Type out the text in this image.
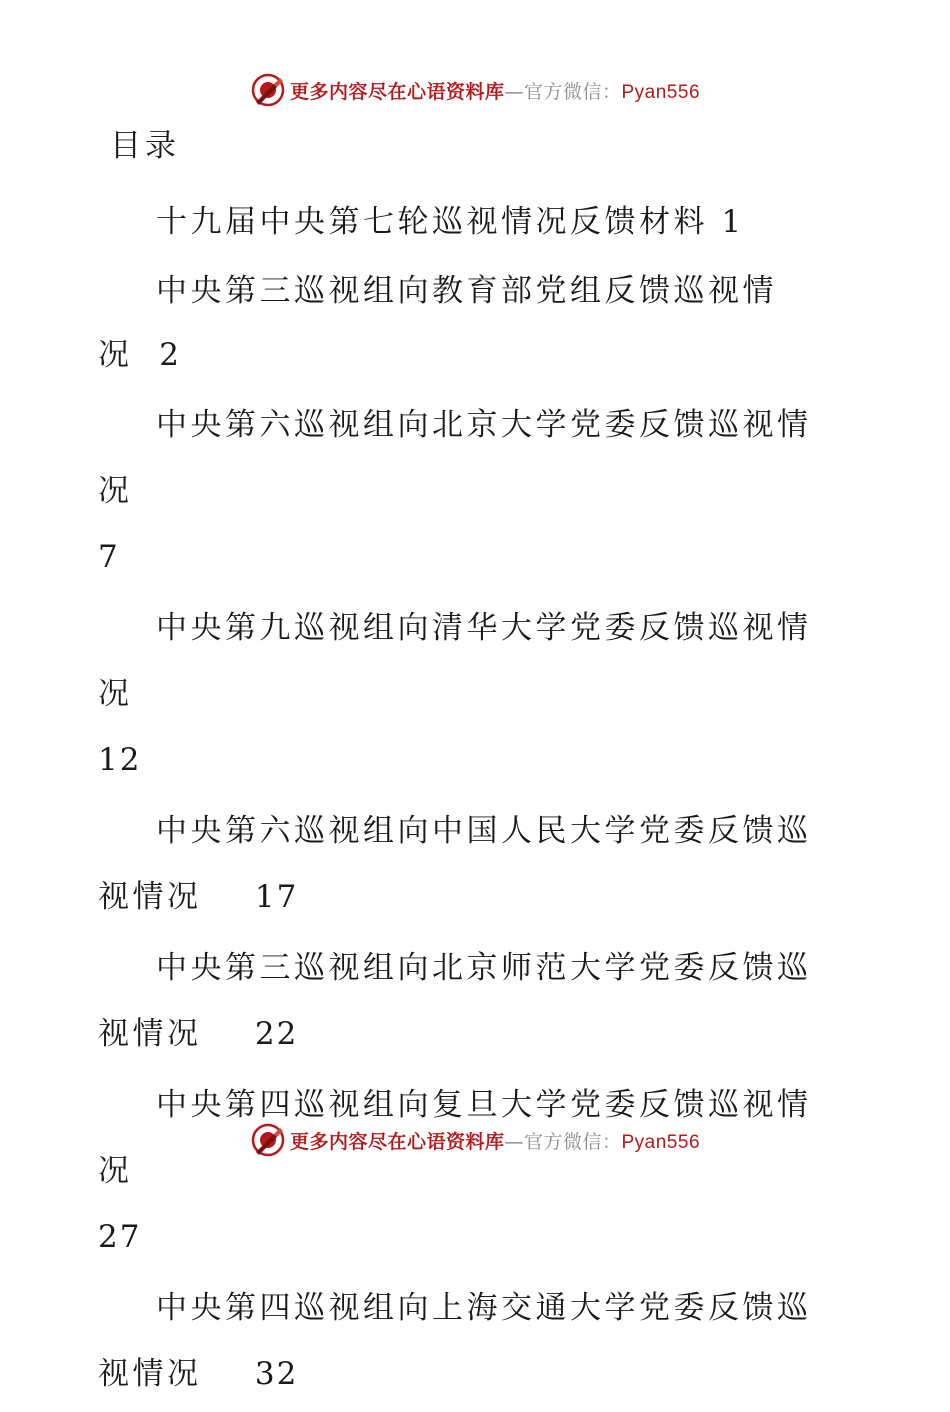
更多内容尽在心语资料库—官方微信：Pyan556
目录

十九届中央第七轮巡视情况反馈材料 1

中央第三巡视组向教育部党组反馈巡视情况 2

中央第六巡视组向北京大学党委反馈巡视情况
7

中央第九巡视组向清华大学党委反馈巡视情况
12

中央第六巡视组向中国人民大学党委反馈巡视情况 17

中央第三巡视组向北京师范大学党委反馈巡视情况 22

中央第四巡视组向复旦大学党委反馈巡视情况
27

中央第四巡视组向上海交通大学党委反馈巡视情况 32

更多内容尽在心语资料库—官方微信：Pyan556
